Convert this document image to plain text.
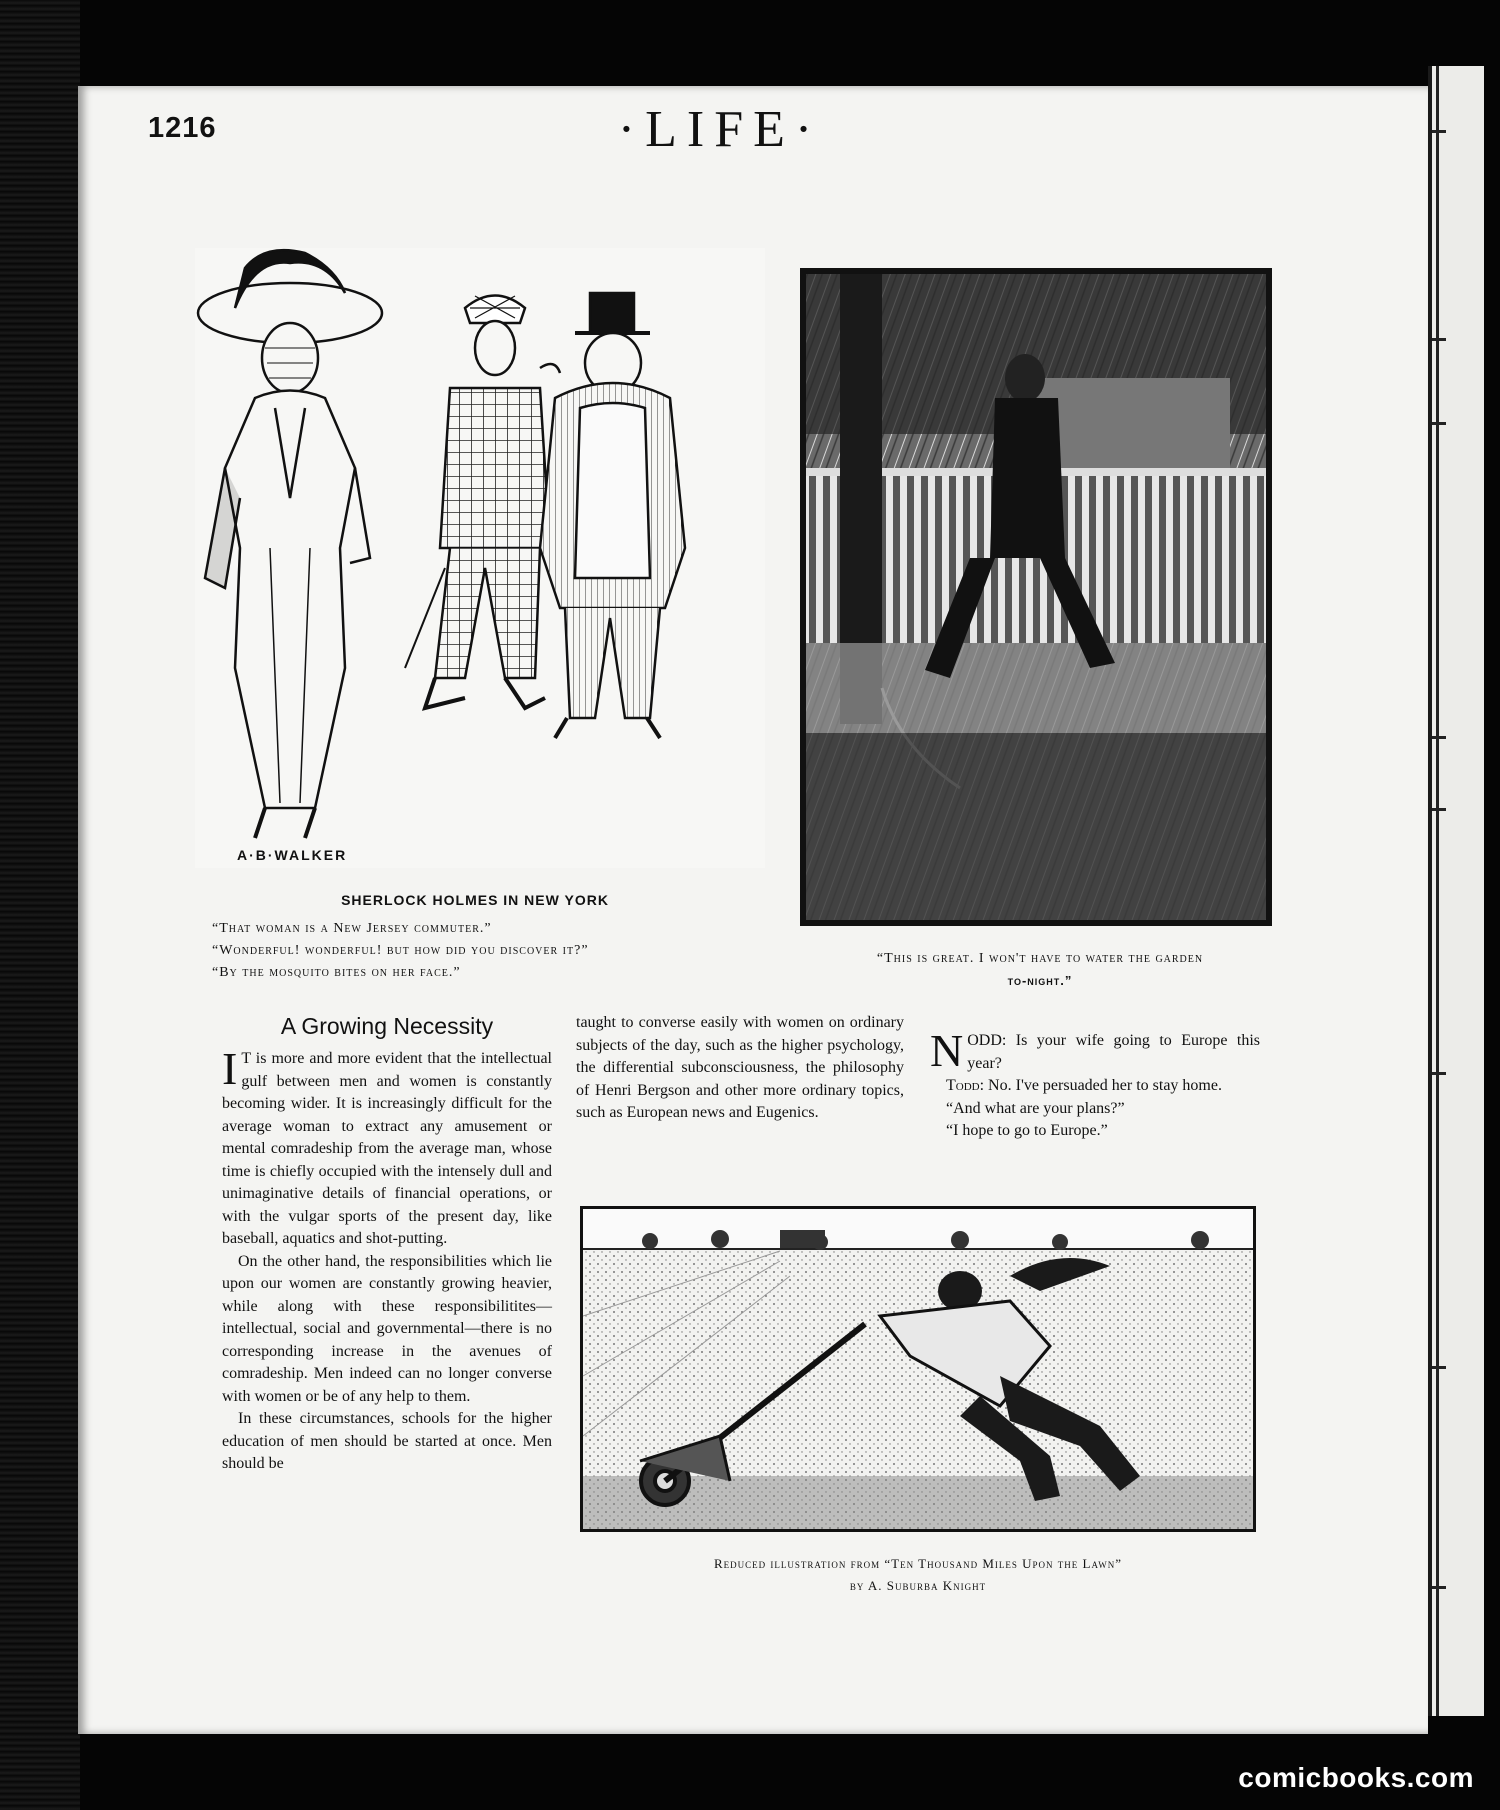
1216	·LIFE·
A·B·WALKER
SHERLOCK HOLMES IN NEW YORK
“That woman is a New Jersey commuter.”
“Wonderful! wonderful! but how did you discover it?”
“By the mosquito bites on her face.”
“This is great. I won't have to water the garden
to-night.”
A Growing Necessity

I T is more and more evident that the intellectual gulf between men and women is constantly becoming wider. It is increasingly difficult for the average woman to extract any amusement or mental comradeship from the average man, whose time is chiefly occupied with the intensely dull and unimaginative details of financial operations, or with the vulgar sports of the present day, like baseball, aquatics and shot-putting.

On the other hand, the responsibilities which lie upon our women are constantly growing heavier, while along with these responsibilitites—intellectual, social and governmental—there is no corresponding increase in the avenues of comradeship. Men indeed can no longer converse with women or be of any help to them.

In these circumstances, schools for the higher education of men should be started at once. Men should be

taught to converse easily with women on ordinary subjects of the day, such as the higher psychology, the differential subconsciousness, the philosophy of Henri Bergson and other more ordinary topics, such as European news and Eugenics.

NODD: Is your wife going to Europe this year?

Todd: No. I've persuaded her to stay home.

“And what are your plans?”

“I hope to go to Europe.”

Reduced illustration from “Ten Thousand Miles Upon the Lawn”
by A. Suburba Knight
comicbooks.com
